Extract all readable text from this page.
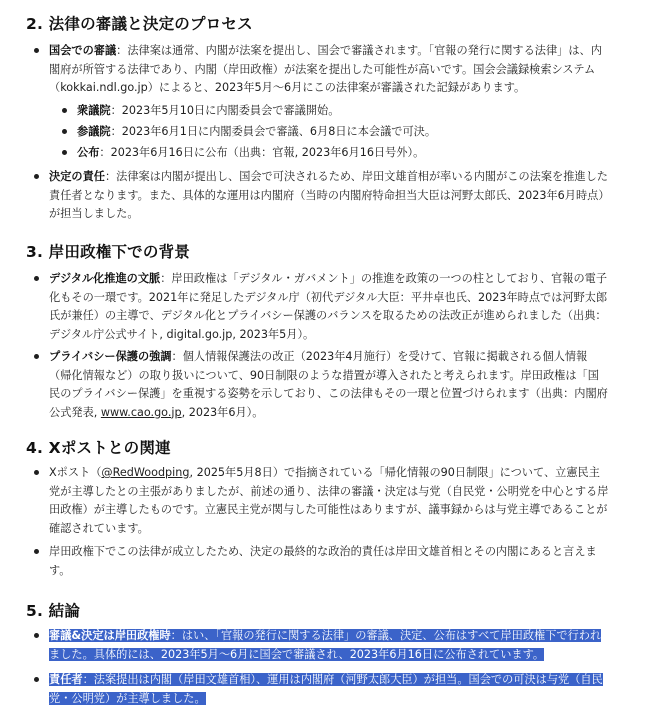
2. 法律の審議と決定のプロセス
国会での審議：法律案は通常、内閣が法案を提出し、国会で審議されます。「官報の発行に関する法律」は、内閣府が所管する法律であり、内閣（岸田政権）が法案を提出した可能性が高いです。国会会議録検索システム（kokkai.ndl.go.jp）によると、2023年5月〜6月にこの法律案が審議された記録があります。
衆議院：2023年5月10日に内閣委員会で審議開始。
参議院：2023年6月1日に内閣委員会で審議、6月8日に本会議で可決。
公布：2023年6月16日に公布（出典：官報, 2023年6月16日号外）。
決定の責任：法律案は内閣が提出し、国会で可決されるため、岸田文雄首相が率いる内閣がこの法案を推進した責任者となります。また、具体的な運用は内閣府（当時の内閣府特命担当大臣は河野太郎氏、2023年6月時点）が担当しました。
3. 岸田政権下での背景
デジタル化推進の文脈：岸田政権は「デジタル・ガバメント」の推進を政策の一つの柱としており、官報の電子化もその一環です。2021年に発足したデジタル庁（初代デジタル大臣：平井卓也氏、2023年時点では河野太郎氏が兼任）の主導で、デジタル化とプライバシー保護のバランスを取るための法改正が進められました（出典：デジタル庁公式サイト, digital.go.jp, 2023年5月）。
プライバシー保護の強調：個人情報保護法の改正（2023年4月施行）を受けて、官報に掲載される個人情報（帰化情報など）の取り扱いについて、90日制限のような措置が導入されたと考えられます。岸田政権は「国民のプライバシー保護」を重視する姿勢を示しており、この法律もその一環と位置づけられます（出典：内閣府公式発表, www.cao.go.jp, 2023年6月）。
4. Xポストとの関連
Xポスト（@RedWoodping, 2025年5月8日）で指摘されている「帰化情報の90日制限」について、立憲民主党が主導したとの主張がありましたが、前述の通り、法律の審議・決定は与党（自民党・公明党を中心とする岸田政権）が主導したものです。立憲民主党が関与した可能性はありますが、議事録からは与党主導であることが確認されています。
岸田政権下でこの法律が成立したため、決定の最終的な政治的責任は岸田文雄首相とその内閣にあると言えます。
5. 結論
審議&決定は岸田政権時：はい、「官報の発行に関する法律」の審議、決定、公布はすべて岸田政権下で行われました。具体的には、2023年5月〜6月に国会で審議され、2023年6月16日に公布されています。
責任者：法案提出は内閣（岸田文雄首相）、運用は内閣府（河野太郎大臣）が担当。国会での可決は与党（自民党・公明党）が主導しました。
